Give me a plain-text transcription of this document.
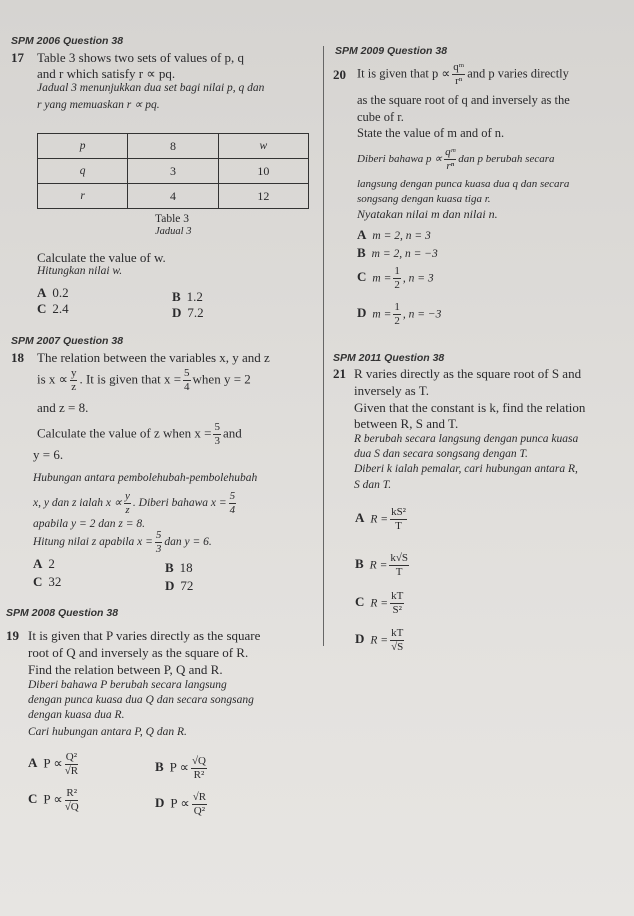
SPM 2006 Question 38
17 Table 3 shows two sets of values of p, q
and r which satisfy r ∝ pq.
Jadual 3 menunjukkan dua set bagi nilai p, q dan
r yang memuaskan r ∝ pq.
p	8	w
q	3	10
r	4	12
Table 3
Jadual 3
Calculate the value of w.
Hitungkan nilai w.
A 0.2	B 1.2
C 2.4	D 7.2
SPM 2007 Question 38
18 The relation between the variables x, y and z
is $x \propto \frac{y}{z}$ . It is given that $x = \frac{5}{4}$ when y = 2
and z = 8.
Calculate the value of z when $x = \frac{5}{3}$ and
y = 6.
Hubungan antara pembolehubah-pembolehubah
x, y dan z ialah $x \propto \frac{y}{z}$ . Diberi bahawa $x = \frac{5}{4}$
apabila y = 2 dan z = 8.
Hitung nilai z apabila $x = \frac{5}{3}$ dan y = 6.
A 2	B 18
C 32	D 72
SPM 2008 Question 38
19 It is given that P varies directly as the square
root of Q and inversely as the square of R.
Find the relation between P, Q and R.
Diberi bahawa P berubah secara langsung
dengan punca kuasa dua Q dan secara songsang
dengan kuasa dua R.
Cari hubungan antara P, Q dan R.
A $P \propto \frac{\text{Q²}}{√R}$	B $P \propto \frac{√Q}{\text{R²}}$
C $P \propto \frac{\text{R²}}{√Q}$	D $P \propto \frac{√R}{\text{Q²}}$
SPM 2009 Question 38
20 It is given that $p \propto \frac{\text{qᵐ}}{\text{rⁿ}}$ and p varies directly
as the square root of q and inversely as the
cube of r.
State the value of m and of n.
Diberi bahawa $p \propto \frac{\text{qᵐ}}{\text{rⁿ}}$ dan p berubah secara
langsung dengan punca kuasa dua q dan secara
songsang dengan kuasa tiga r.
Nyatakan nilai m dan nilai n.
A m = 2, n = 3
B m = 2, n = −3
C $m = \frac{1}{2}$ , n = 3
D $m = \frac{1}{2}$ , n = −3
SPM 2011 Question 38
21 R varies directly as the square root of S and
inversely as T.
Given that the constant is k, find the relation
between R, S and T.
R berubah secara langsung dengan punca kuasa
dua S dan secara songsang dengan T.
Diberi k ialah pemalar, cari hubungan antara R,
S dan T.
A $R = \frac{\text{kS²}}{T}$
B $R = \frac{k√S}{T}$
C $R = \frac{kT}{\text{S²}}$
D $R = \frac{kT}{√S}$
